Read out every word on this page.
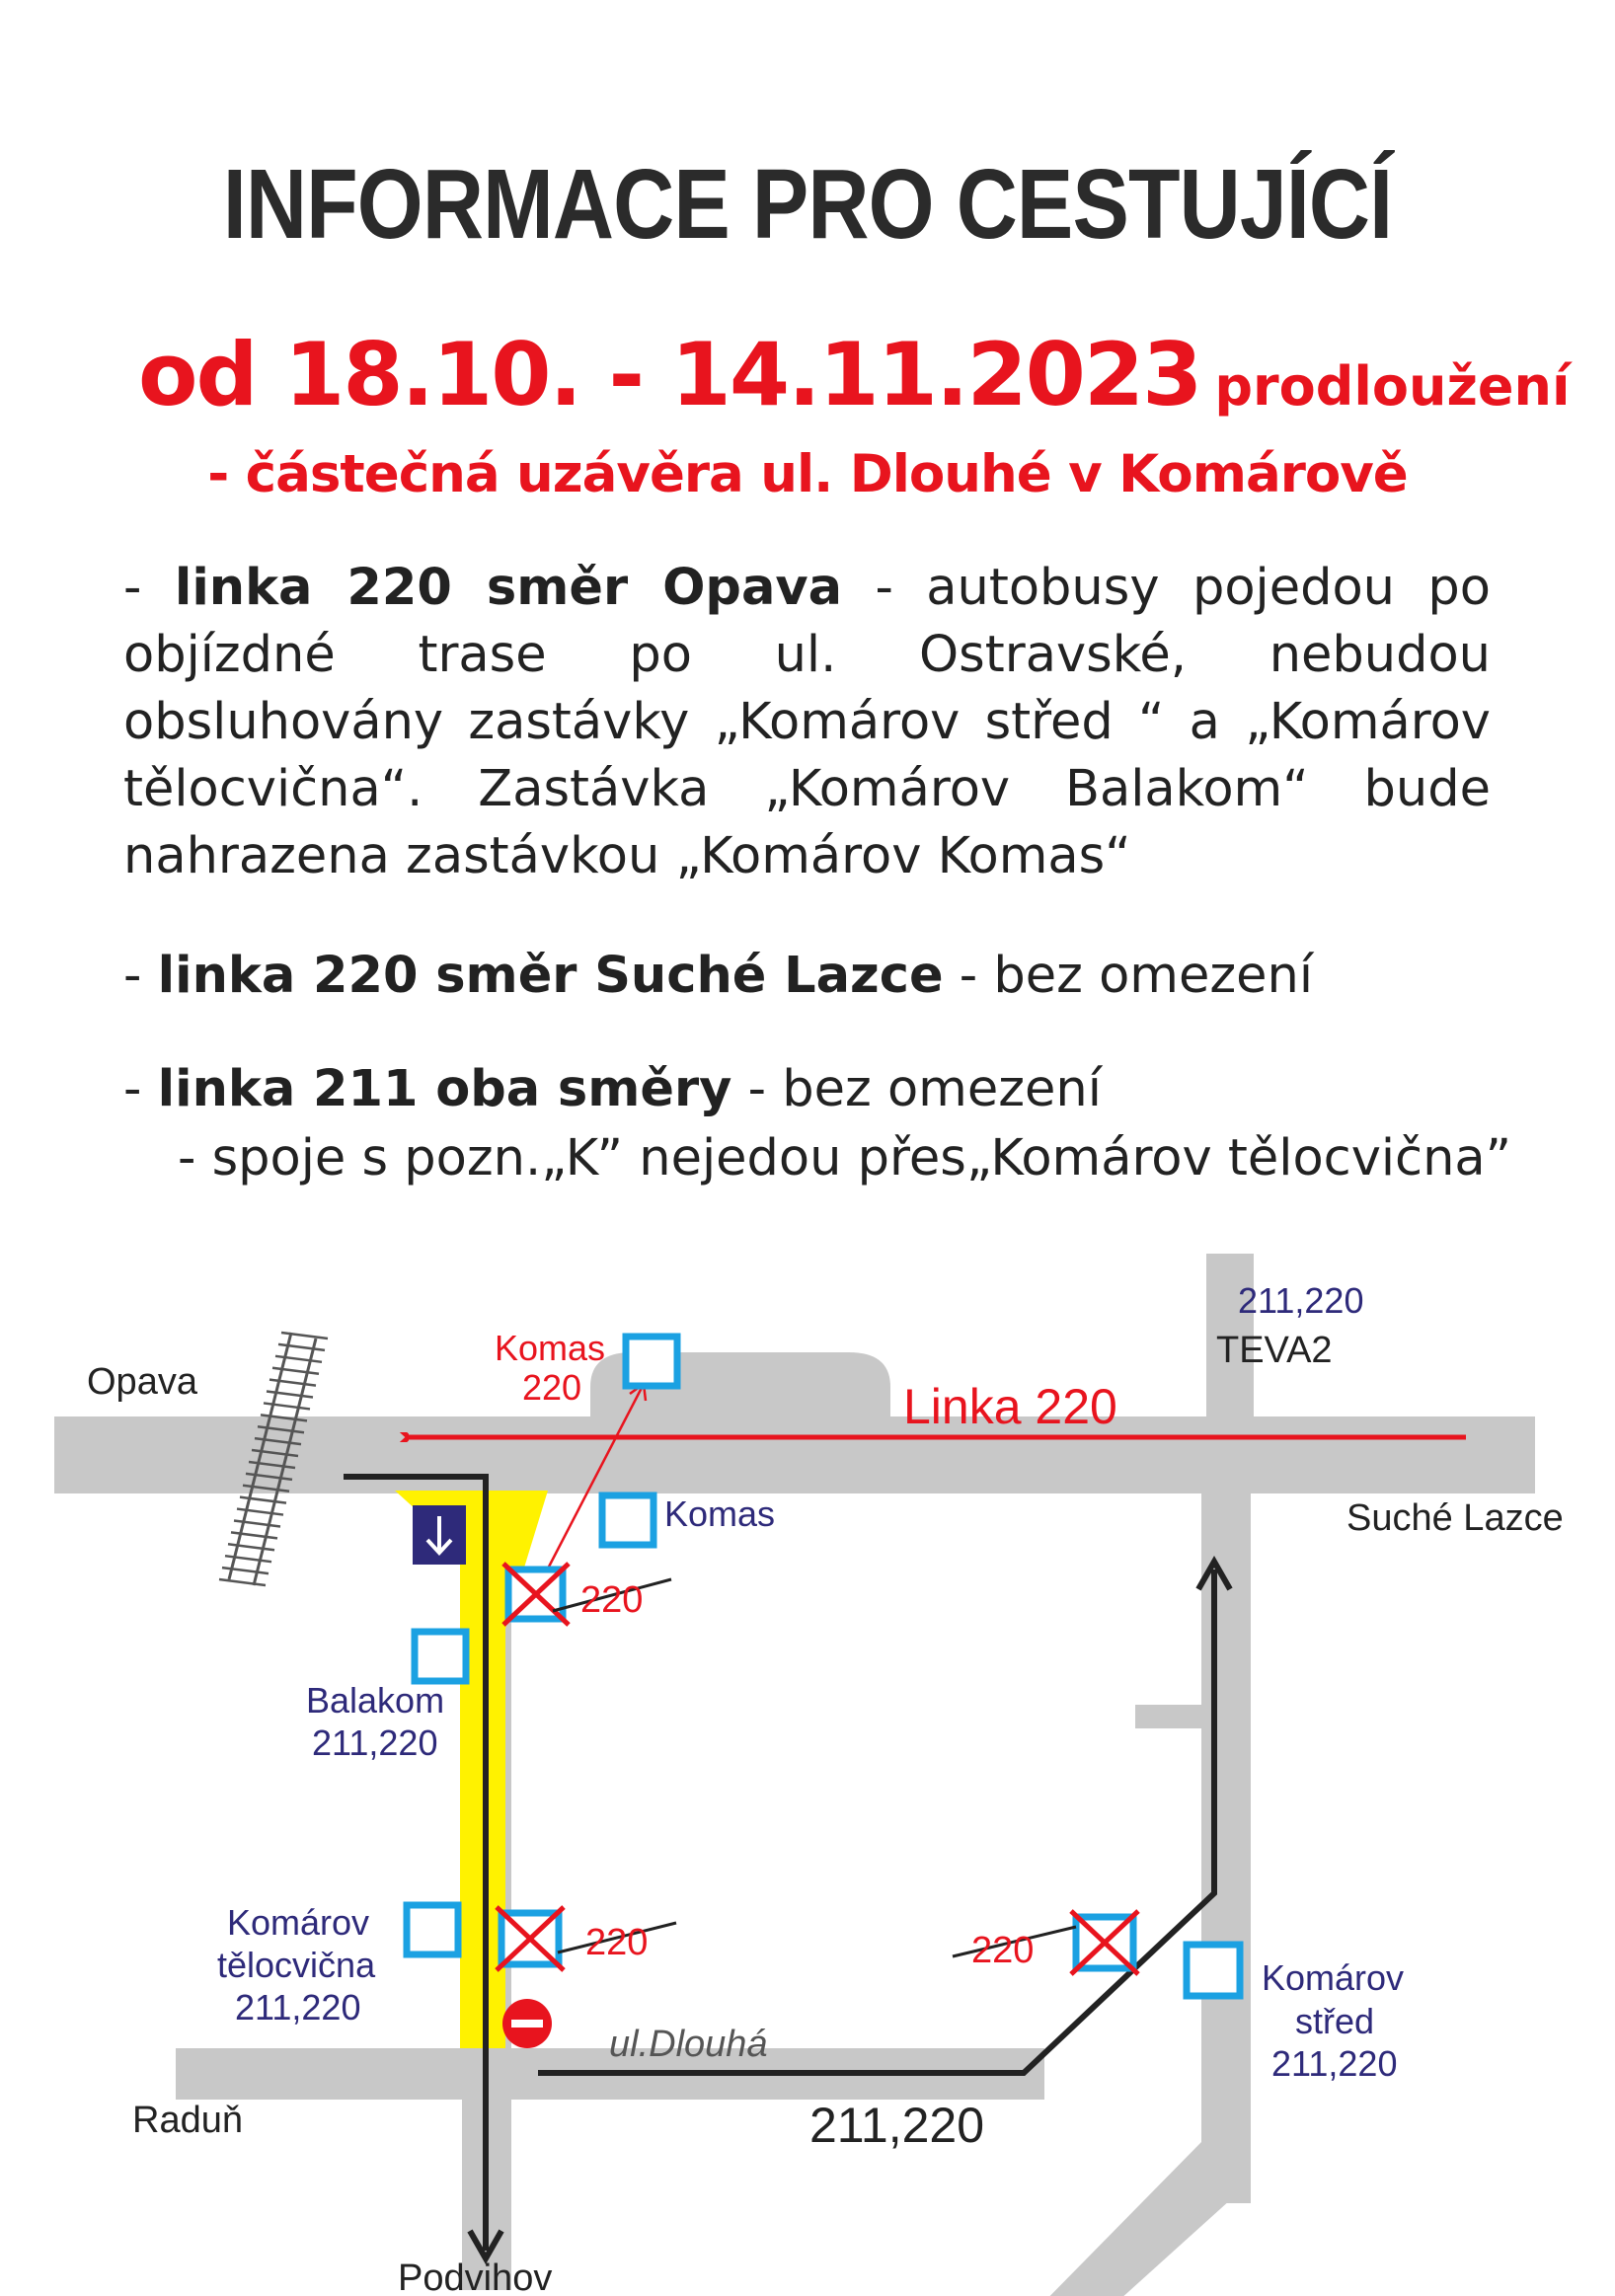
INFORMACE PRO CESTUJÍCÍ
od 18.10. - 14.11.2023 prodloužení
- částečná uzávěra ul. Dlouhé v Komárově
- linka 220 směr Opava - autobusy pojedou po objízdné trase po ul. Ostravské, nebudou obsluhovány zastávky „Komárov střed “ a „Komárov tělocvična“. Zastávka „Komárov Balakom“ bude nahrazena zastávkou „Komárov Komas“
- linka 220 směr Suché Lazce - bez omezení
- linka 211 oba směry - bez omezení
- spoje s pozn.„K” nejedou přes„Komárov tělocvična”
Opava
Suché Lazce
Raduň
Podvihov
TEVA2
211,220
ul.Dlouhá
Linka 220
211,220
Komas
220
Komas
220
Balakom
211,220
Komárov
tělocvična
211,220
220	220
Komárov
střed
211,220
